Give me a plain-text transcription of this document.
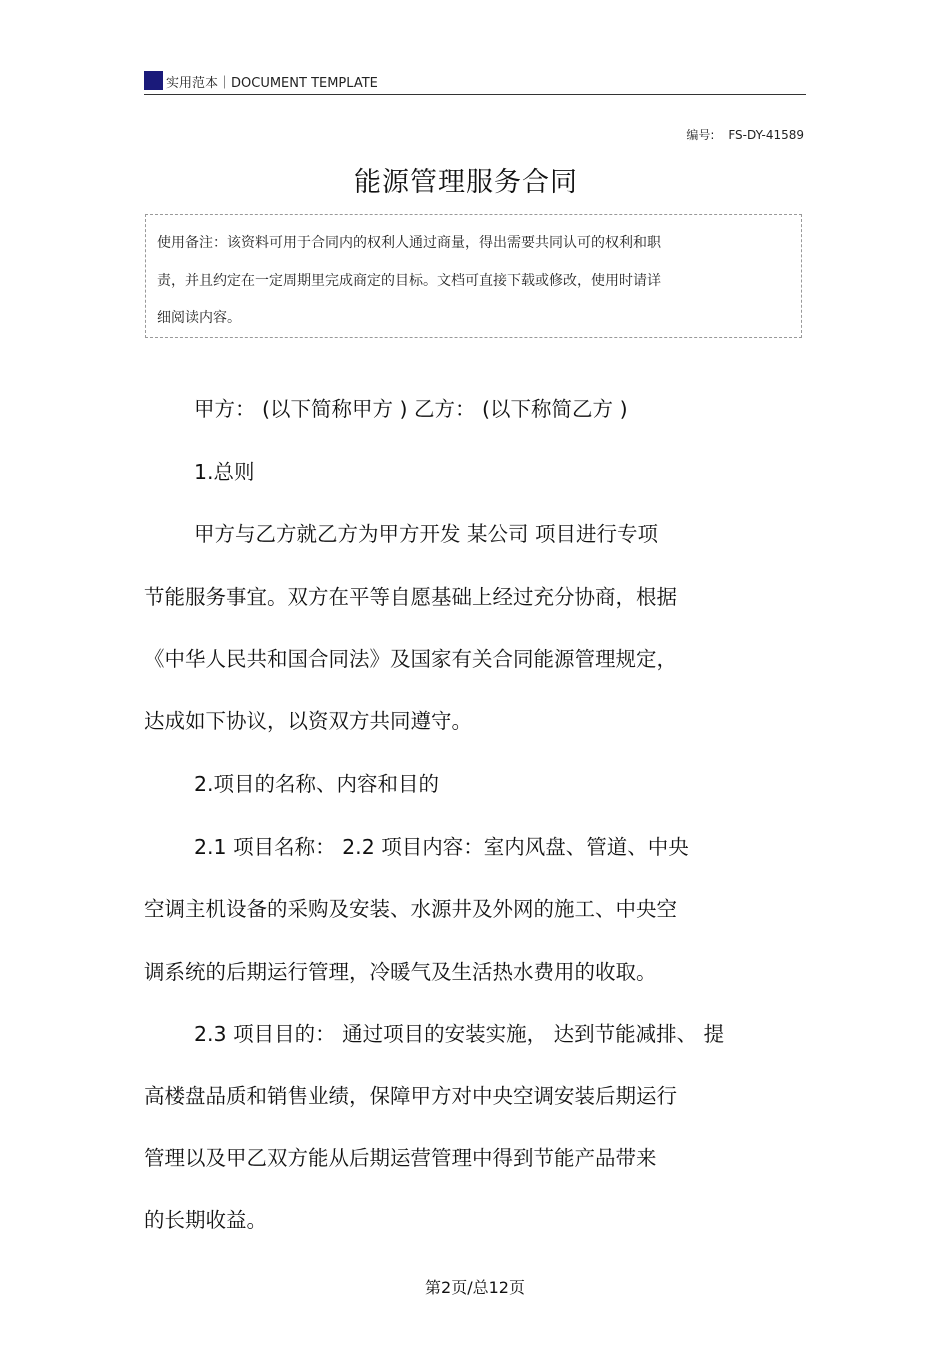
实用范本｜DOCUMENT TEMPLATE
编号: FS-DY-41589
能源管理服务合同
使用备注：该资料可用于合同内的权利人通过商量，得出需要共同认可的权利和职
责，并且约定在一定周期里完成商定的目标。文档可直接下载或修改，使用时请详
细阅读内容。
甲方： (以下简称甲方 ) 乙方： (以下称简乙方 )
1.总则
甲方与乙方就乙方为甲方开发 某公司 项目进行专项
节能服务事宜。双方在平等自愿基础上经过充分协商，根据
《中华人民共和国合同法》及国家有关合同能源管理规定，
达成如下协议，以资双方共同遵守。
2.项目的名称、内容和目的
2.1 项目名称： 2.2 项目内容：室内风盘、管道、中央
空调主机设备的采购及安装、水源井及外网的施工、中央空
调系统的后期运行管理，冷暖气及生活热水费用的收取。
2.3 项目目的： 通过项目的安装实施， 达到节能减排、 提
高楼盘品质和销售业绩，保障甲方对中央空调安装后期运行
管理以及甲乙双方能从后期运营管理中得到节能产品带来
的长期收益。
第2页/总12页
